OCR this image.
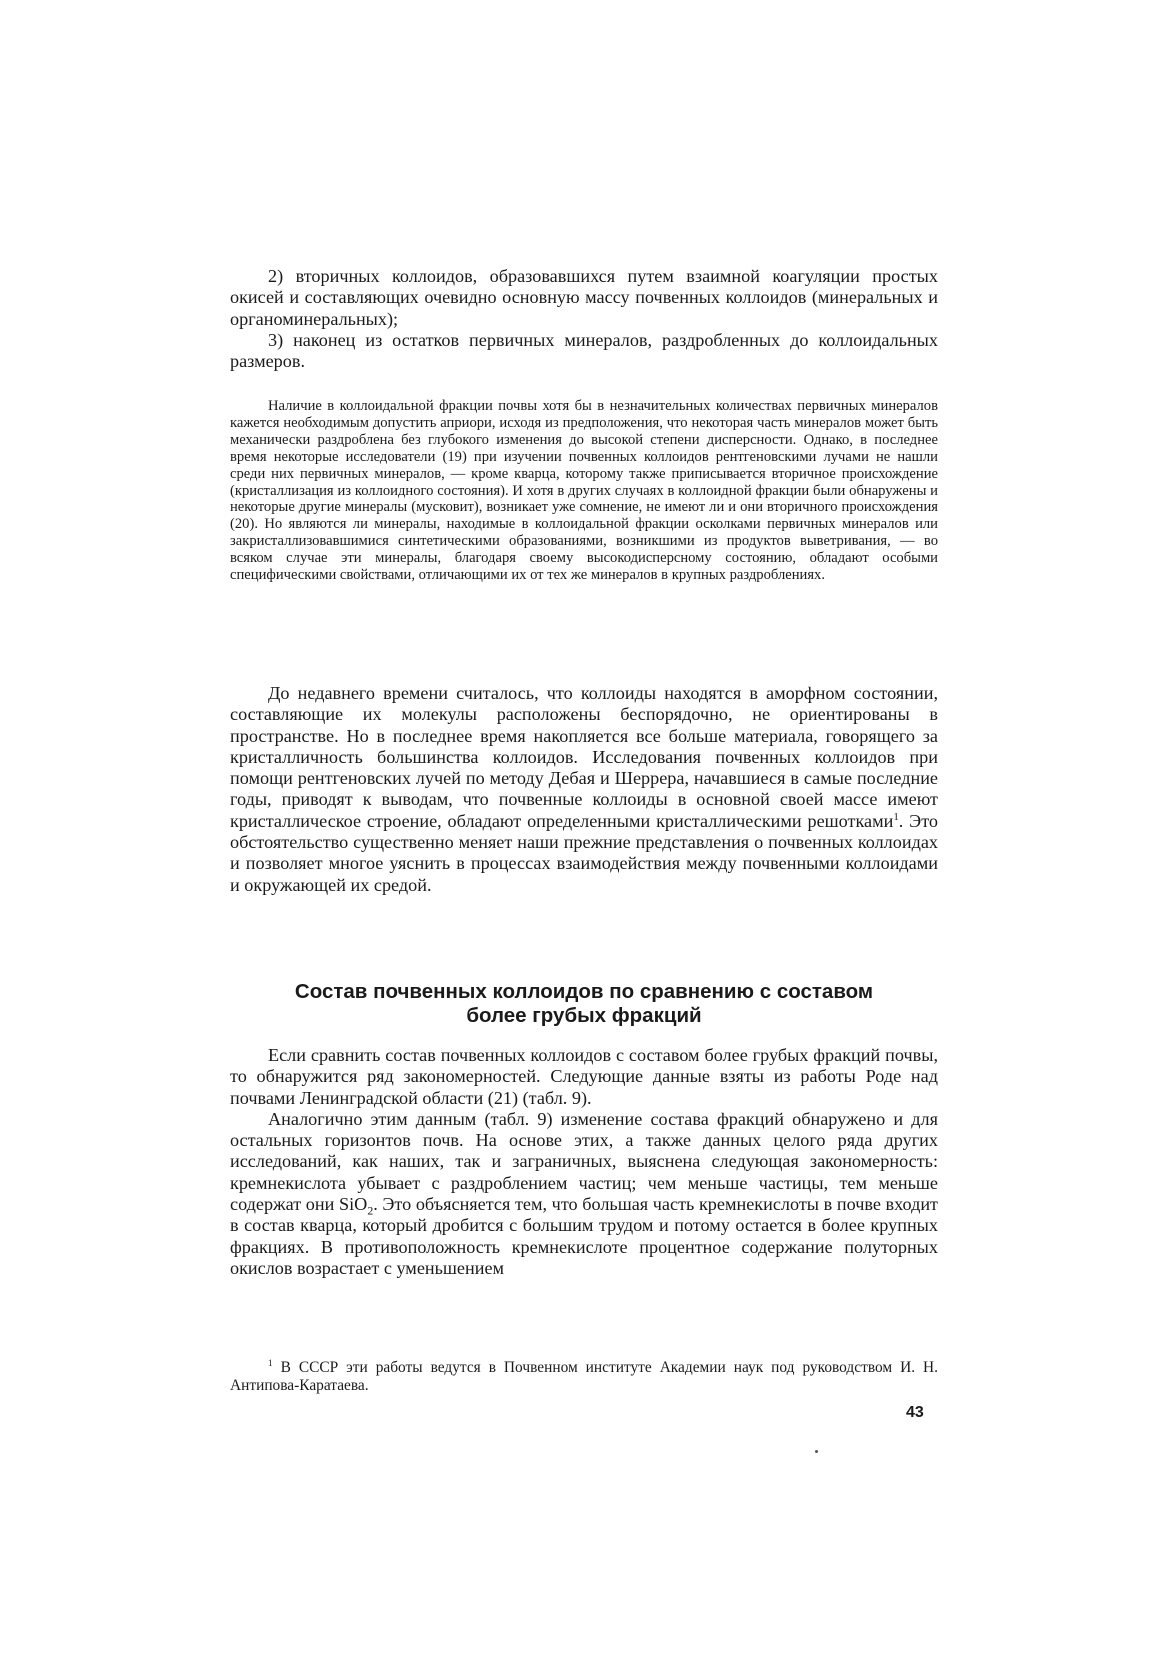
2) вторичных коллоидов, образовавшихся путем взаимной коагуляции простых окисей и составляющих очевидно основную массу почвенных коллоидов (минеральных и органоминеральных);

3) наконец из остатков первичных минералов, раздробленных до коллоидальных размеров.

Наличие в коллоидальной фракции почвы хотя бы в незначительных количествах первичных минералов кажется необходимым допустить априори, исходя из предположения, что некоторая часть минералов может быть механически раздроблена без глубокого изменения до высокой степени дисперсности. Однако, в последнее время некоторые исследователи (19) при изучении почвенных коллоидов рентгеновскими лучами не нашли среди них первичных минералов, — кроме кварца, которому также приписывается вторичное происхождение (кристаллизация из коллоидного состояния). И хотя в других случаях в коллоидной фракции были обнаружены и некоторые другие минералы (мусковит), возникает уже сомнение, не имеют ли и они вторичного происхождения (20). Но являются ли минералы, находимые в коллоидальной фракции осколками первичных минералов или закристаллизовавшимися синтетическими образованиями, возникшими из продуктов выветривания, — во всяком случае эти минералы, благодаря своему высокодисперсному состоянию, обладают особыми специфическими свойствами, отличающими их от тех же минералов в крупных раздроблениях.

До недавнего времени считалось, что коллоиды находятся в аморфном состоянии, составляющие их молекулы расположены беспорядочно, не ориентированы в пространстве. Но в последнее время накопляется все больше материала, говорящего за кристалличность большинства коллоидов. Исследования почвенных коллоидов при помощи рентгеновских лучей по методу Дебая и Шеррера, начавшиеся в самые последние годы, приводят к выводам, что почвенные коллоиды в основной своей массе имеют кристаллическое строение, обладают определенными кристаллическими решотками$^1$. Это обстоятельство существенно меняет наши прежние представления о почвенных коллоидах и позволяет многое уяснить в процессах взаимодействия между почвенными коллоидами и окружающей их средой.

Состав почвенных коллоидов по сравнению с составом
более грубых фракций

Если сравнить состав почвенных коллоидов с составом более грубых фракций почвы, то обнаружится ряд закономерностей. Следующие данные взяты из работы Роде над почвами Ленинградской области (21) (табл. 9).

Аналогично этим данным (табл. 9) изменение состава фракций обнаружено и для остальных горизонтов почв. На основе этих, а также данных целого ряда других исследований, как наших, так и заграничных, выяснена следующая закономерность: кремнекислота убывает с раздроблением частиц; чем меньше частицы, тем меньше содержат они SiO$_2$. Это объясняется тем, что большая часть кремнекислоты в почве входит в состав кварца, который дробится с большим трудом и потому остается в более крупных фракциях. В противоположность кремнекислоте процентное содержание полуторных окислов возрастает с уменьшением

$^1$ В СССР эти работы ведутся в Почвенном институте Академии наук под руководством И. Н. Антипова-Каратаева.

43
